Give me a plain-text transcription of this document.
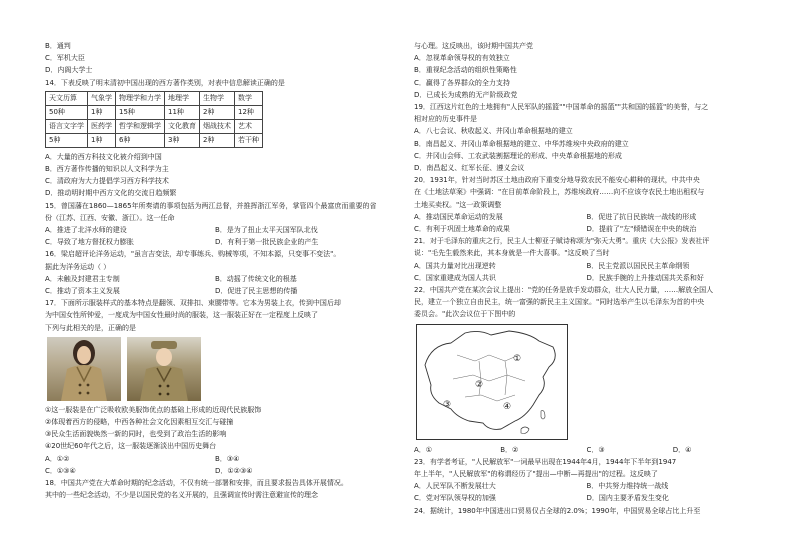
B．通判
C．军机大臣
D．内阁大学士
14．下表反映了明末清初中国出现的西方著作类别，对表中信息解读正确的是
天文历算	气象学	物理学和力学	地理学	生物学	数学
50种	1种	15种	11种	2种	12种
语言文字学	医药学	哲学和逻辑学	文化教育	烟战技术	艺术
5种	1种	6种	3种	2种	若干种
A．大量的西方科技文化被介绍到中国
B．西方著作传播的知识以人文科学为主
C．清政府为大力提倡学习西方科学技术
D．推动明时期中西方文化的交流日趋频繁
15．曾国藩在1860—1865年所奏请的事项包括为两江总督，并推挥浙江军务，掌管四个最富庶而重要的省
份（江苏、江西、安徽、浙江）。这一任命
A．推进了北洋水师的建设	B．是为了扭止太平天国军队北伐
C．导致了地方督抚权力膨胀	D．有利于第一批民族企业的产生
16．梁启超评论洋务运动，"虽言吉变法，却专事练兵、购械等项，不知本源，只变事不变法"。
据此为洋务运动（ ）
A．未触及封建君主专制	B．动摇了传统文化的根基
C．推动了资本主义发展	D．促进了民主思想的传播
17．下面所示服装样式的基本特点是翻领、双排扣、束腰带等。它本为男装上衣，传到中国后却
为中国女性所钟爱，一度成为中国女性最时尚的服装，这一服装正好在一定程度上反映了
下列与此相关的是，正确的是
①这一服装是在广泛吸收欧美服饰优点的基础上形成的近现代民族服饰
②体现着西方的侵略，中西各种社会文化因素相互交汇与碰撞
③民众生活面貌焕然一新的同时，也受到了政治生活的影响
④20世纪60年代之后，这一服装逐渐淡出中国历史舞台
A．①②	B．③④
C．①③④	D．①②③④
18．中国共产党在大革命时期的纪念活动，不仅有统一部署和安排，而且要求报告具体开展情况。
其中的一些纪念活动，不少是以国民党的名义开展的，且强调宣传时需注意避宣传的理念
与心理。这反映出，该时期中国共产党
A．忽视革命领导权的有效独立
B．重视纪念活动的组织性策略性
C．赢得了各界群众的全力支持
D．已成长为成熟的无产阶级政党
19．江西这片红色的土地拥有"人民军队的摇篮""中国革命的摇篮""共和国的摇篮"的美誉，与之
相对应的历史事件是
A．八七会议、秋收起义、井冈山革命根据地的建立
B．南昌起义、井冈山革命根据地的建立、中华苏维埃中央政府的建立
C．井冈山会师、工农武装割据理论的形成、中央革命根据地的形成
D．南昌起义、红军长征、遵义会议
20．1931年，针对当时苏区土地由政府下重变分地导致农民不能安心耕种的现状，中共中央
在《土地法草案》中强调："在目前革命阶段上，苏维埃政府……向不应该夺农民土地出租权与
土地买卖权。"这一政策调整
A．推动国民革命运动的发展	B．促进了抗日民族统一战线的形成
C．有利于巩固土地革命的成果	D．提前了"左"倾错误在中央的统治
21．对于毛泽东的重庆之行，民主人士柳亚子赋诗称颂为"弥天大勇"。重庆《大公报》发表社评
说："毛先生毅然来此，其本身就是一件大喜事。"这反映了当时
A．国共力量对比出现逆转	B．民主党派以国民民主革命纲领
C．国家重建成为国人共识	D．民族手腕的上升推动国共关系和好
22．中国共产党在某次会议上提出："党的任务是放手发动群众，壮大人民力量，……解放全国人
民，建立一个独立自由民主，统一富强的新民主主义国家。"同时选举产生以毛泽东为首的中央
委员会。"此次会议位于下图中的
①
②
③	④
A．①	B．②	C．③	D．④
23．有学者考证，"人民解放军"一词最早出现在1944年4月，1944年下半年到1947
年上半年，"人民解放军"的称谓经历了"提出—中断—再提出"的过程。这反映了
A．人民军队不断发展壮大	B．中共努力维持统一战线
C．党对军队领导权的加强	D．国内主要矛盾发生变化
24．据统计，1980年中国进出口贸易仅占全球的2.0%；1990年，中国贸易全球占比上升至
